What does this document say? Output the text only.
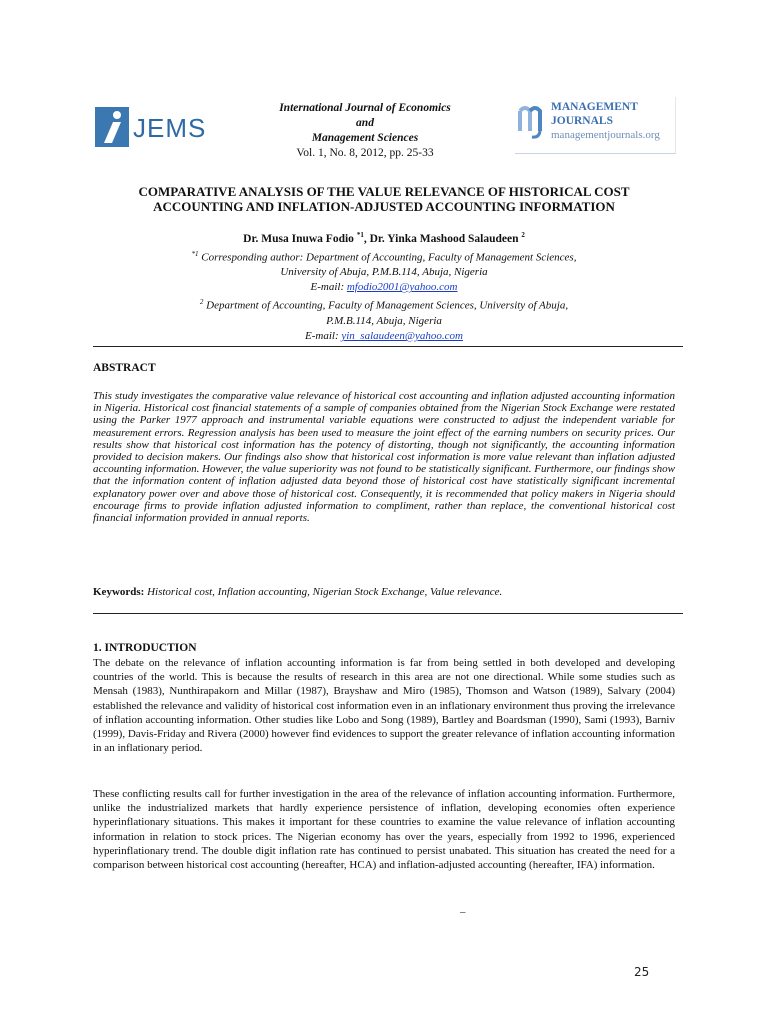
JEMS
International Journal of Economics
and
Management Sciences
Vol. 1, No. 8, 2012, pp. 25-33
MANAGEMENT
JOURNALS
managementjournals.org
COMPARATIVE ANALYSIS OF THE VALUE RELEVANCE OF HISTORICAL COST
ACCOUNTING AND INFLATION-ADJUSTED ACCOUNTING INFORMATION
Dr. Musa Inuwa Fodio $^{*1}$, Dr. Yinka Mashood Salaudeen $^2$
$^{*1}$ Corresponding author: Department of Accounting, Faculty of Management Sciences,
University of Abuja, P.M.B.114, Abuja, Nigeria
E-mail: mfodio2001@yahoo.com
$^2$ Department of Accounting, Faculty of Management Sciences, University of Abuja,
P.M.B.114, Abuja, Nigeria
E-mail: yin_salaudeen@yahoo.com
ABSTRACT
This study investigates the comparative value relevance of historical cost accounting and inflation adjusted accounting information in Nigeria. Historical cost financial statements of a sample of companies obtained from the Nigerian Stock Exchange were restated using the Parker 1977 approach and instrumental variable equations were constructed to adjust the independent variable for measurement errors. Regression analysis has been used to measure the joint effect of the earning numbers on security prices. Our results show that historical cost information has the potency of distorting, though not significantly, the accounting information provided to decision makers. Our findings also show that historical cost information is more value relevant than inflation adjusted accounting information. However, the value superiority was not found to be statistically significant. Furthermore, our findings show that the information content of inflation adjusted data beyond those of historical cost have statistically significant incremental explanatory power over and above those of historical cost. Consequently, it is recommended that policy makers in Nigeria should encourage firms to provide inflation adjusted information to compliment, rather than replace, the conventional historical cost financial information provided in annual reports.
Keywords: Historical cost, Inflation accounting, Nigerian Stock Exchange, Value relevance.
1. INTRODUCTION
The debate on the relevance of inflation accounting information is far from being settled in both developed and developing countries of the world. This is because the results of research in this area are not one directional. While some studies such as Mensah (1983), Nunthirapakorn and Millar (1987), Brayshaw and Miro (1985), Thomson and Watson (1989), Salvary (2004) established the relevance and validity of historical cost information even in an inflationary environment thus proving the irrelevance of inflation accounting information. Other studies like Lobo and Song (1989), Bartley and Boardsman (1990), Sami (1993), Barniv (1999), Davis-Friday and Rivera (2000) however find evidences to support the greater relevance of inflation accounting information in an inflationary period.
These conflicting results call for further investigation in the area of the relevance of inflation accounting information. Furthermore, unlike the industrialized markets that hardly experience persistence of inflation, developing economies often experience hyperinflationary situations. This makes it important for these countries to examine the value relevance of inflation accounting information in relation to stock prices. The Nigerian economy has over the years, especially from 1992 to 1996, experienced hyperinflationary trend. The double digit inflation rate has continued to persist unabated. This situation has created the need for a comparison between historical cost accounting (hereafter, HCA) and inflation-adjusted accounting (hereafter, IFA) information.
–
25
